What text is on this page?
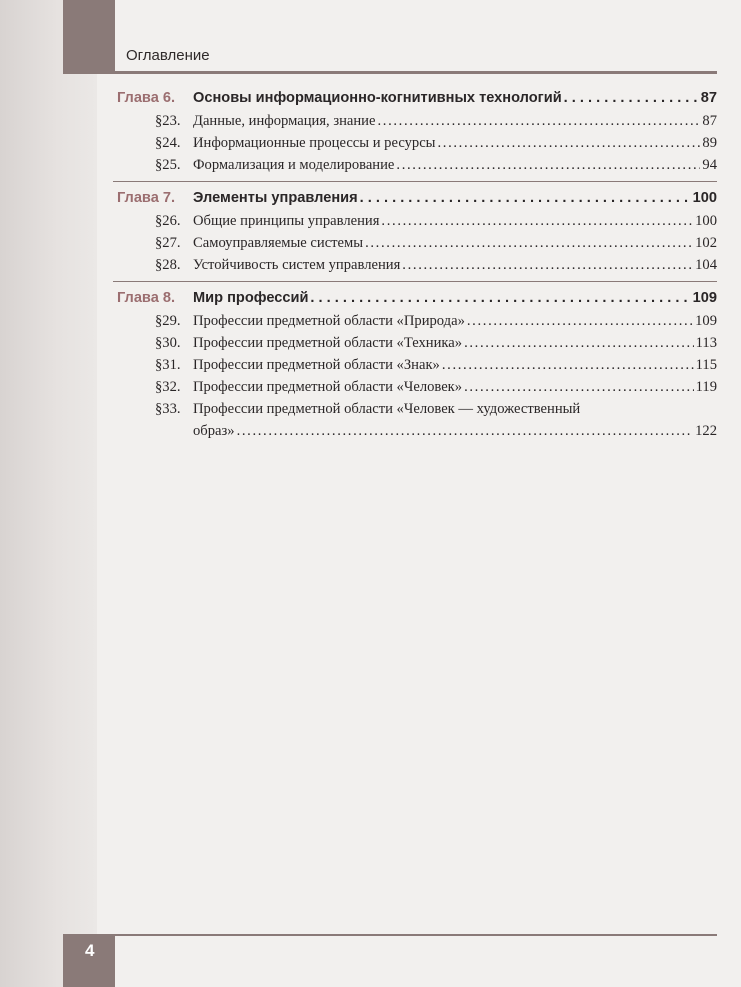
Оглавление
Глава 6.	Основы информационно-когнитивных технологий . . .	87
§23. Данные, информация, знание . . .	87
§24. Информационные процессы и ресурсы . . .	89
§25. Формализация и моделирование . . .	94
Глава 7.	Элементы управления . . .	100
§26. Общие принципы управления . . .	100
§27. Самоуправляемые системы . . .	102
§28. Устойчивость систем управления . . .	104
Глава 8.	Мир профессий . . .	109
§29. Профессии предметной области «Природа» . . .	109
§30. Профессии предметной области «Техника» . . .	113
§31. Профессии предметной области «Знак» . . .	115
§32. Профессии предметной области «Человек» . . .	119
§33. Профессии предметной области «Человек — художественный
образ» . . .	122
4
